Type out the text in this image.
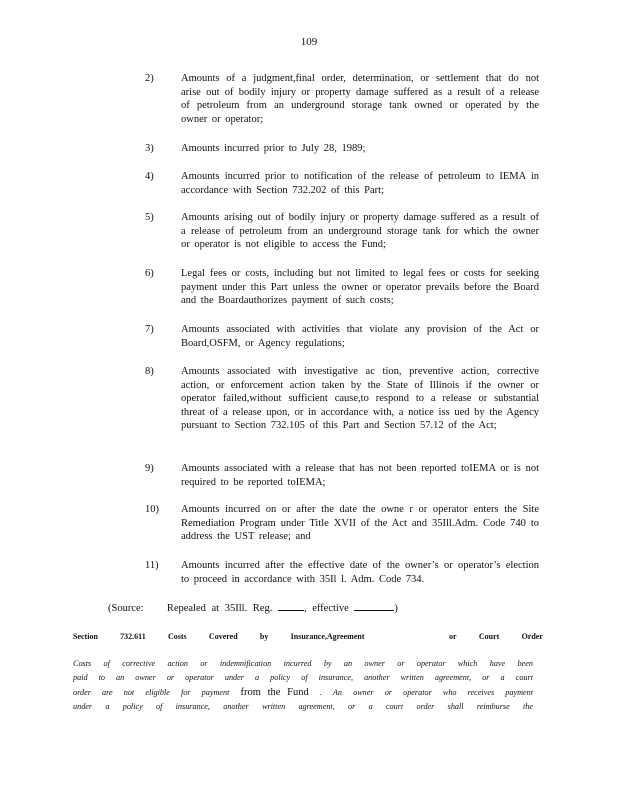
109
2)	Amounts of a judgment,final order, determination, or settlement that do not arise out of bodily injury or property damage suffered as a result of a release of petroleum from an underground storage tank owned or operated by the owner or operator;
3)	Amounts incurred prior to July 28, 1989;
4)	Amounts incurred prior to notification of the release of petroleum to IEMA in accordance with Section 732.202 of this Part;
5)	Amounts arising out of bodily injury or property damage suffered as a result of a release of petroleum from an underground storage tank for which the owner or operator is not eligible to access the Fund;
6)	Legal fees or costs, including but not limited to legal fees or costs for seeking payment under this Part unless the owner or operator prevails before the Board and the Boardauthorizes payment of such costs;
7)	Amounts associated with activities that violate any provision of the Act or Board,OSFM, or Agency regulations;
8)	Amounts associated with investigative ac tion, preventive action, corrective action, or enforcement action taken by the State of Illinois if the owner or operator failed,without sufficient cause,to respond to a release or substantial threat of a release upon, or in accordance with, a notice iss ued by the Agency pursuant to Section 732.105 of this Part and Section 57.12 of the Act;
9)	Amounts associated with a release that has not been reported toIEMA or is not required to be reported toIEMA;
10) Amounts incurred on or after the date the owne r or operator enters the Site Remediation Program under Title XVII of the Act and 35Ill.Adm. Code 740 to address the UST release; and
11) Amounts incurred after the effective date of the owner’s or operator’s election to proceed in accordance with 35Il l. Adm. Code 734.
(Source: Repealed at 35Ill. Reg.	, effective	)
Section	732.611	Costs	Covered	by	Insurance,Agreement	or	Court	Order
Costs of corrective action or indemnification incurred by an owner or operator which have been
paid to an owner or operator under a policy of insurance, another written agreement, or a court
order are not eligible for payment from the Fund . An owner or operator who receives payment
under a policy of insurance, another written agreement, or a court order shall reimburse the
